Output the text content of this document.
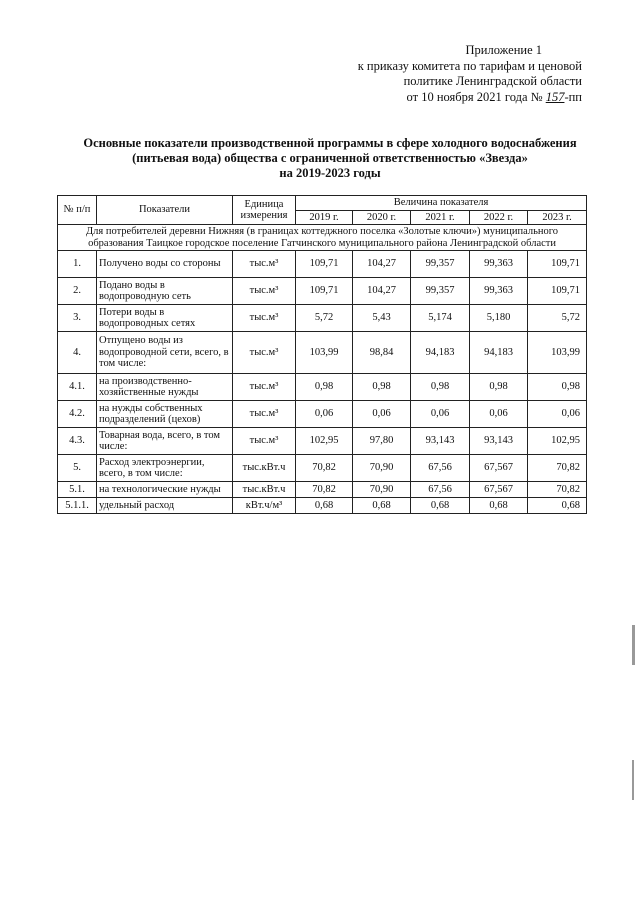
Приложение 1
к приказу комитета по тарифам и ценовой
политике Ленинградской области
от 10 ноября 2021 года № 157-пп
Основные показатели производственной программы в сфере холодного водоснабжения
(питьевая вода) общества с ограниченной ответственностью «Звезда»
на 2019-2023 годы
№ п/п	Показатели	Единица измерения	Величина показателя				
			2019 г.	2020 г.	2021 г.	2022 г.	2023 г.
Для потребителей деревни Нижняя (в границах коттеджного поселка «Золотые ключи») муниципального образования Таицкое городское поселение Гатчинского муниципального района Ленинградской области							
1.	Получено воды со стороны	тыс.м³	109,71	104,27	99,357	99,363	109,71
2.	Подано воды в водопроводную сеть	тыс.м³	109,71	104,27	99,357	99,363	109,71
3.	Потери воды в водопроводных сетях	тыс.м³	5,72	5,43	5,174	5,180	5,72
4.	Отпущено воды из водопроводной сети, всего, в том числе:	тыс.м³	103,99	98,84	94,183	94,183	103,99
4.1.	на производственно-хозяйственные нужды	тыс.м³	0,98	0,98	0,98	0,98	0,98
4.2.	на нужды собственных подразделений (цехов)	тыс.м³	0,06	0,06	0,06	0,06	0,06
4.3.	Товарная вода, всего, в том числе:	тыс.м³	102,95	97,80	93,143	93,143	102,95
5.	Расход электроэнергии, всего, в том числе:	тыс.кВт.ч	70,82	70,90	67,56	67,567	70,82
5.1.	на технологические нужды	тыс.кВт.ч	70,82	70,90	67,56	67,567	70,82
5.1.1.	удельный расход	кВт.ч/м³	0,68	0,68	0,68	0,68	0,68
